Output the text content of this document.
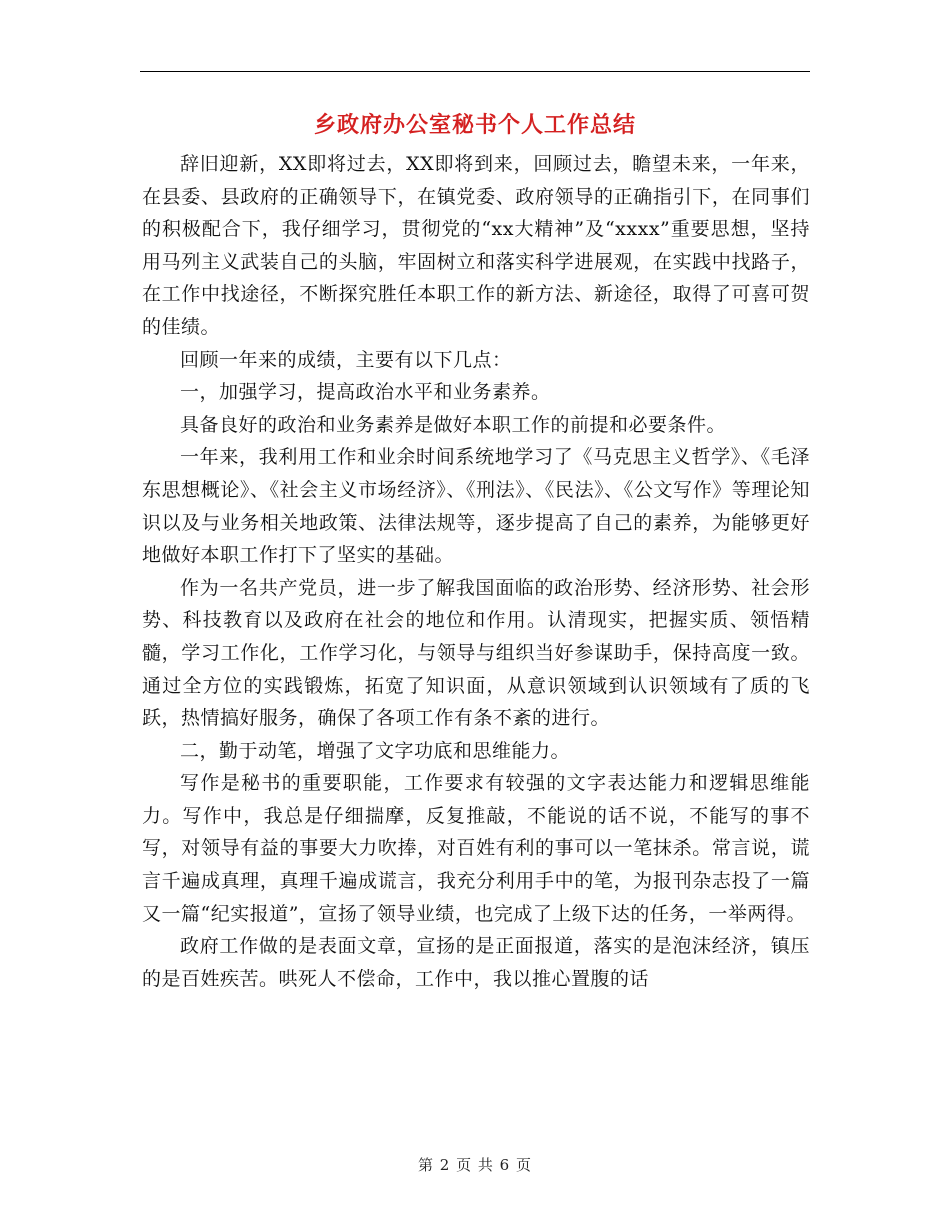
乡政府办公室秘书个人工作总结

辞旧迎新，XX即将过去，XX即将到来，回顾过去，瞻望未来，一年来，在县委、县政府的正确领导下，在镇党委、政府领导的正确指引下，在同事们的积极配合下，我仔细学习，贯彻党的“xx大精神”及“xxxx”重要思想，坚持用马列主义武装自己的头脑，牢固树立和落实科学进展观，在实践中找路子，在工作中找途径，不断探究胜任本职工作的新方法、新途径，取得了可喜可贺的佳绩。

回顾一年来的成绩，主要有以下几点：

一，加强学习，提高政治水平和业务素养。

具备良好的政治和业务素养是做好本职工作的前提和必要条件。

一年来，我利用工作和业余时间系统地学习了《马克思主义哲学》、《毛泽东思想概论》、《社会主义市场经济》、《刑法》、《民法》、《公文写作》等理论知识以及与业务相关地政策、法律法规等，逐步提高了自己的素养，为能够更好地做好本职工作打下了坚实的基础。

作为一名共产党员，进一步了解我国面临的政治形势、经济形势、社会形势、科技教育以及政府在社会的地位和作用。认清现实，把握实质、领悟精髓，学习工作化，工作学习化，与领导与组织当好参谋助手，保持高度一致。通过全方位的实践锻炼，拓宽了知识面，从意识领域到认识领域有了质的飞跃，热情搞好服务，确保了各项工作有条不紊的进行。

二，勤于动笔，增强了文字功底和思维能力。

写作是秘书的重要职能，工作要求有较强的文字表达能力和逻辑思维能力。写作中，我总是仔细揣摩，反复推敲，不能说的话不说，不能写的事不写，对领导有益的事要大力吹捧，对百姓有利的事可以一笔抹杀。常言说，谎言千遍成真理，真理千遍成谎言，我充分利用手中的笔，为报刊杂志投了一篇又一篇“纪实报道”，宣扬了领导业绩，也完成了上级下达的任务，一举两得。

政府工作做的是表面文章，宣扬的是正面报道，落实的是泡沫经济，镇压的是百姓疾苦。哄死人不偿命，工作中，我以推心置腹的话

第 2 页 共 6 页
